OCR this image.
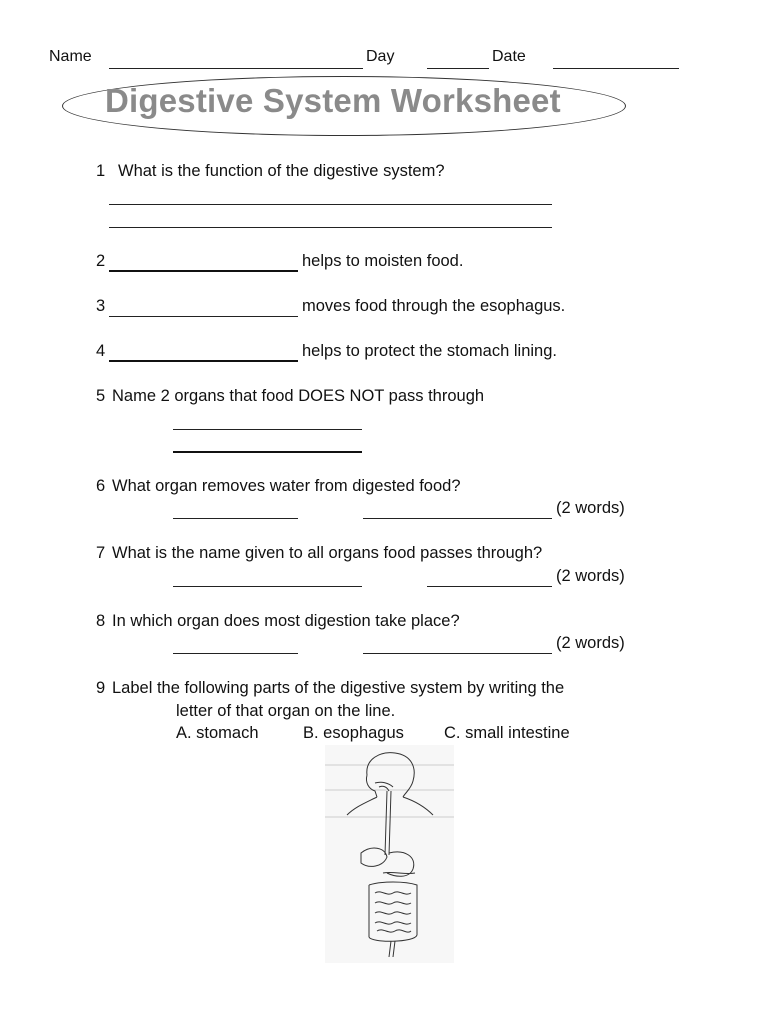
Name	Day	Date
Digestive System Worksheet
1 What is the function of the digestive system?
2	helps to moisten food.
3	moves food through the esophagus.
4	helps to protect the stomach lining.
5 Name 2 organs that food DOES NOT pass through
6 What organ removes water from digested food?
(2 words)
7 What is the name given to all organs food passes through?
(2 words)
8 In which organ does most digestion take place?
(2 words)
9 Label the following parts of the digestive system by writing the
letter of that organ on the line.
A. stomach	B. esophagus C. small intestine
